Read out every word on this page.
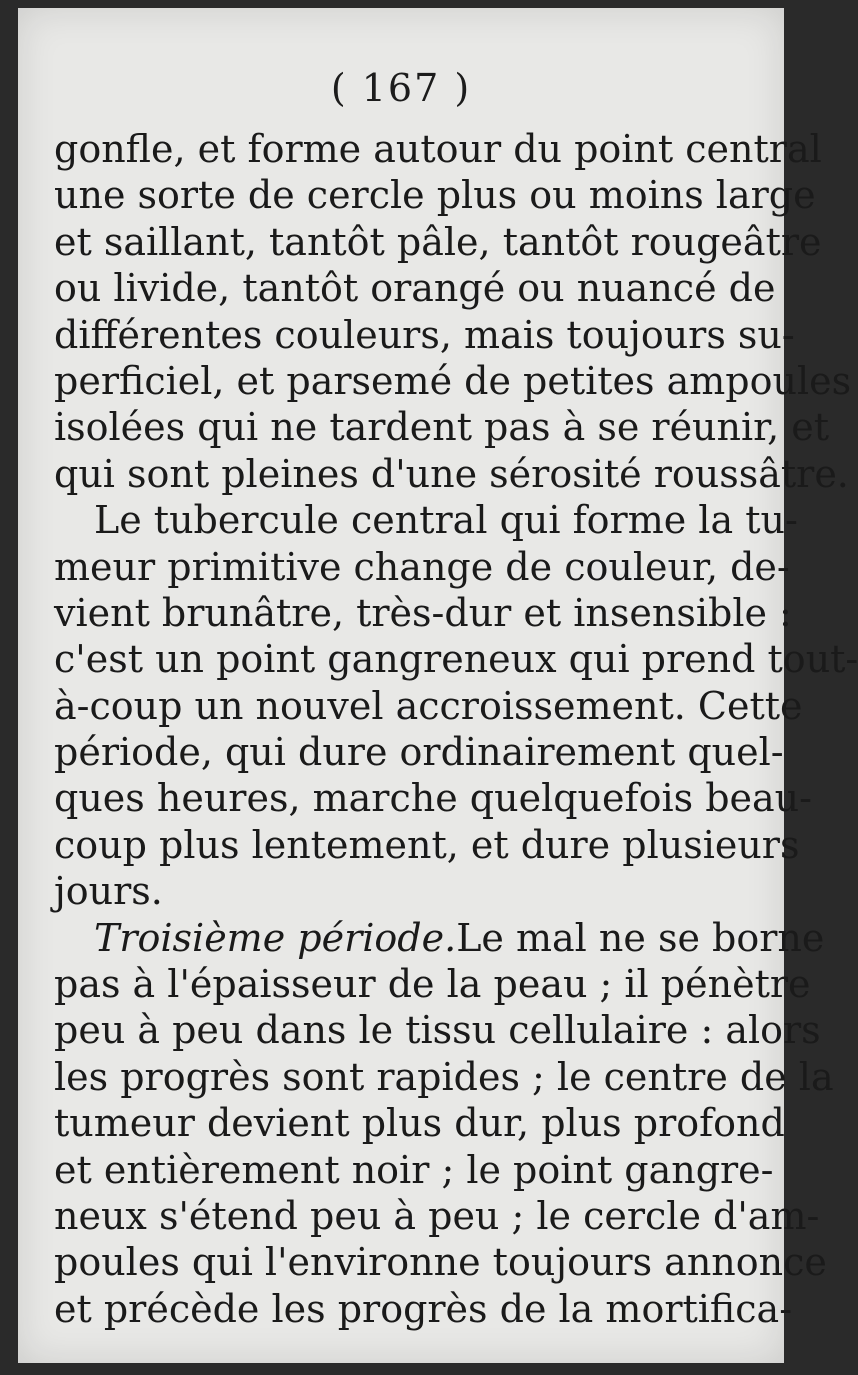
( 167 )
gonfle, et forme autour du point central
une sorte de cercle plus ou moins large
et saillant, tantôt pâle, tantôt rougeâtre
ou livide, tantôt orangé ou nuancé de
différentes couleurs, mais toujours su-
perficiel, et parsemé de petites ampoules
isolées qui ne tardent pas à se réunir, et
qui sont pleines d'une sérosité roussâtre.
Le tubercule central qui forme la tu-
meur primitive change de couleur, de-
vient brunâtre, très-dur et insensible :
c'est un point gangreneux qui prend tout-
à-coup un nouvel accroissement. Cette
période, qui dure ordinairement quel-
ques heures, marche quelquefois beau-
coup plus lentement, et dure plusieurs
jours.
Troisième période.Le mal ne se borne
pas à l'épaisseur de la peau ; il pénètre
peu à peu dans le tissu cellulaire : alors
les progrès sont rapides ; le centre de la
tumeur devient plus dur, plus profond
et entièrement noir ; le point gangre-
neux s'étend peu à peu ; le cercle d'am-
poules qui l'environne toujours annonce
et précède les progrès de la mortifica-
